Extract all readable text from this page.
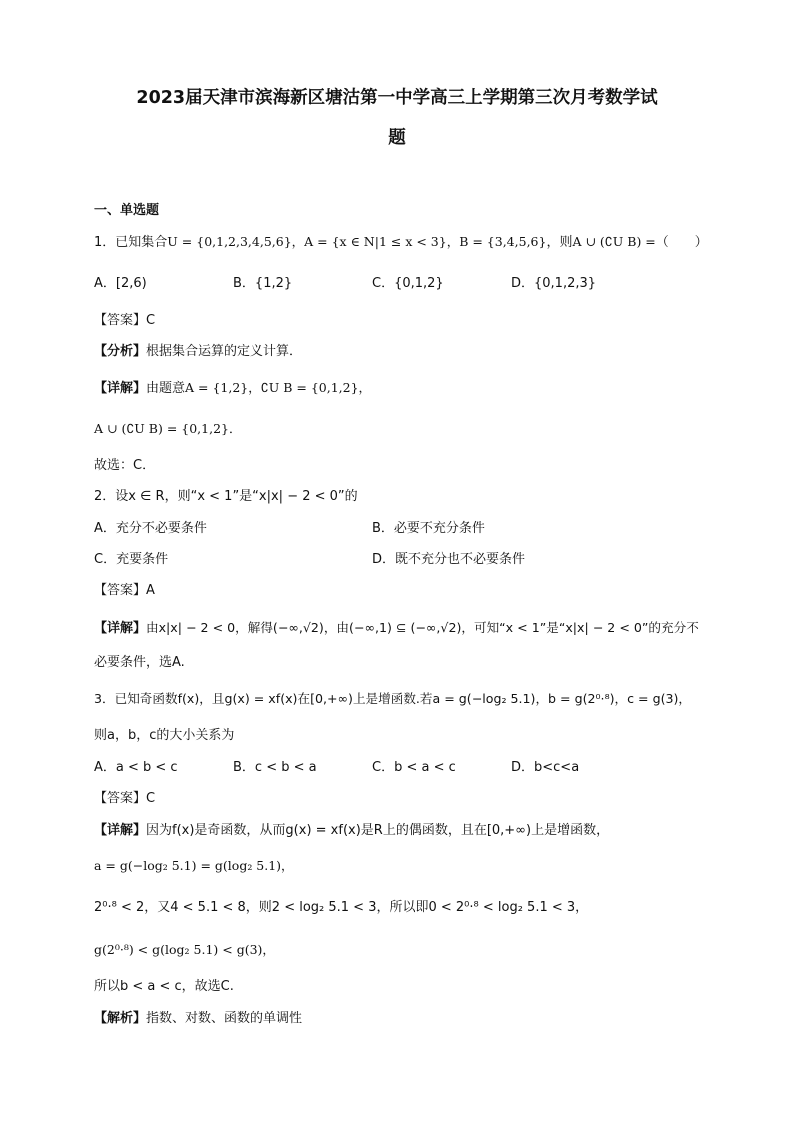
2023届天津市滨海新区塘沽第一中学高三上学期第三次月考数学试
题
一、单选题
1．已知集合U = {0,1,2,3,4,5,6}，A = {x ∈ N|1 ≤ x < 3}，B = {3,4,5,6}，则A ∪ (∁U B) =（　　）
A．[2,6)	B．{1,2}	C．{0,1,2}	D．{0,1,2,3}
【答案】C
【分析】根据集合运算的定义计算．
【详解】由题意A = {1,2}，∁U B = {0,1,2}，
A ∪ (∁U B) = {0,1,2}．
故选：C．
2．设x ∈ R，则“x < 1”是“x|x| − 2 < 0”的
A．充分不必要条件	B．必要不充分条件
C．充要条件	D．既不充分也不必要条件
【答案】A
【详解】由x|x| − 2 < 0，解得(−∞,√2)，由(−∞,1) ⊆ (−∞,√2)，可知“x < 1”是“x|x| − 2 < 0”的充分不
必要条件，选A.
3．已知奇函数f(x)，且g(x) = xf(x)在[0,+∞)上是增函数.若a = g(−log₂ 5.1)，b = g(2⁰·⁸)，c = g(3)，
则a，b，c的大小关系为
A．a < b < c	B．c < b < a	C．b < a < c	D．b<c<a
【答案】C
【详解】因为f(x)是奇函数，从而g(x) = xf(x)是R上的偶函数，且在[0,+∞)上是增函数，
a = g(−log₂ 5.1) = g(log₂ 5.1)，
2⁰·⁸ < 2，又4 < 5.1 < 8，则2 < log₂ 5.1 < 3，所以即0 < 2⁰·⁸ < log₂ 5.1 < 3，
g(2⁰·⁸) < g(log₂ 5.1) < g(3)，
所以b < a < c，故选C.
【解析】指数、对数、函数的单调性
